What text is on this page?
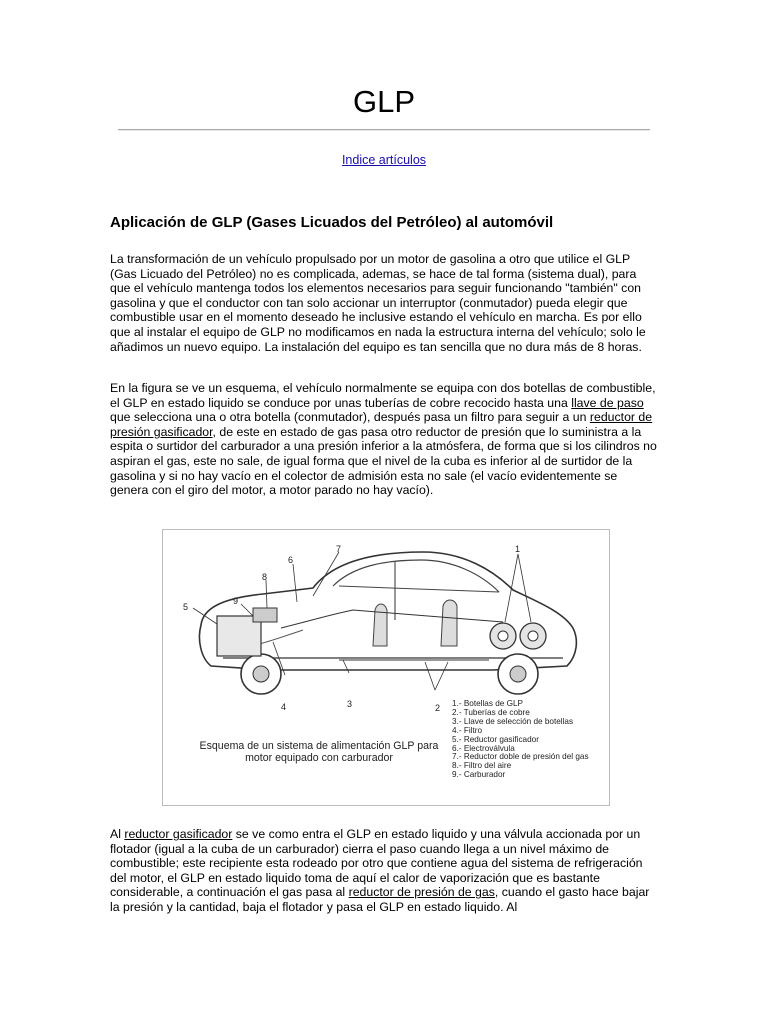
GLP
Indice artículos
Aplicación de GLP (Gases Licuados del Petróleo) al automóvil

La transformación de un vehículo propulsado por un motor de gasolina a otro que utilice el GLP (Gas Licuado del Petróleo) no es complicada, ademas, se hace de tal forma (sistema dual), para que el vehículo mantenga todos los elementos necesarios para seguir funcionando "también" con gasolina y que el conductor con tan solo accionar un interruptor (conmutador) pueda elegir que combustible usar en el momento deseado he inclusive estando el vehículo en marcha. Es por ello que al instalar el equipo de GLP no modificamos en nada la estructura interna del vehículo; solo le añadimos un nuevo equipo. La instalación del equipo es tan sencilla que no dura más de 8 horas.

En la figura se ve un esquema, el vehículo normalmente se equipa con dos botellas de combustible, el GLP en estado liquido se conduce por unas tuberías de cobre recocido hasta una llave de paso que selecciona una o otra botella (conmutador), después pasa un filtro para seguir a un reductor de presión gasificador, de este en estado de gas pasa otro reductor de presión que lo suministra a la espita o surtidor del carburador a una presión inferior a la atmósfera, de forma que si los cilindros no aspiran el gas, este no sale, de igual forma que el nivel de la cuba es inferior al de surtidor de la gasolina y si no hay vacío en el colector de admisión esta no sale (el vacío evidentemente se genera con el giro del motor, a motor parado no hay vacío).

1
2
3
4
5
6
7
8
9
Esquema de un sistema de alimentación GLP para motor equipado con carburador
1.- Botellas de GLP
2.- Tuberías de cobre
3.- Llave de selección de botellas
4.- Filtro
5.- Reductor gasificador
6.- Electroválvula
7.- Reductor doble de presión del gas
8.- Filtro del aire
9.- Carburador

Al reductor gasificador se ve como entra el GLP en estado liquido y una válvula accionada por un flotador (igual a la cuba de un carburador) cierra el paso cuando llega a un nivel máximo de combustible; este recipiente esta rodeado por otro que contiene agua del sistema de refrigeración del motor, el GLP en estado liquido toma de aquí el calor de vaporización que es bastante considerable, a continuación el gas pasa al reductor de presión de gas, cuando el gasto hace bajar la presión y la cantidad, baja el flotador y pasa el GLP en estado liquido. Al
